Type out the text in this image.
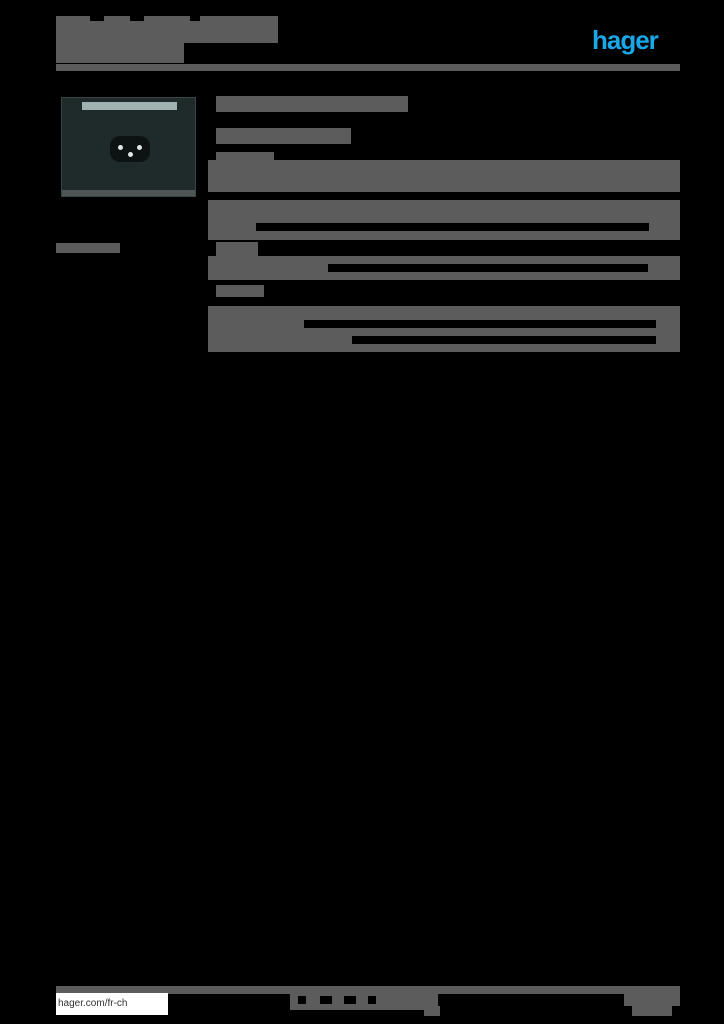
hager
hager.com/fr-ch
